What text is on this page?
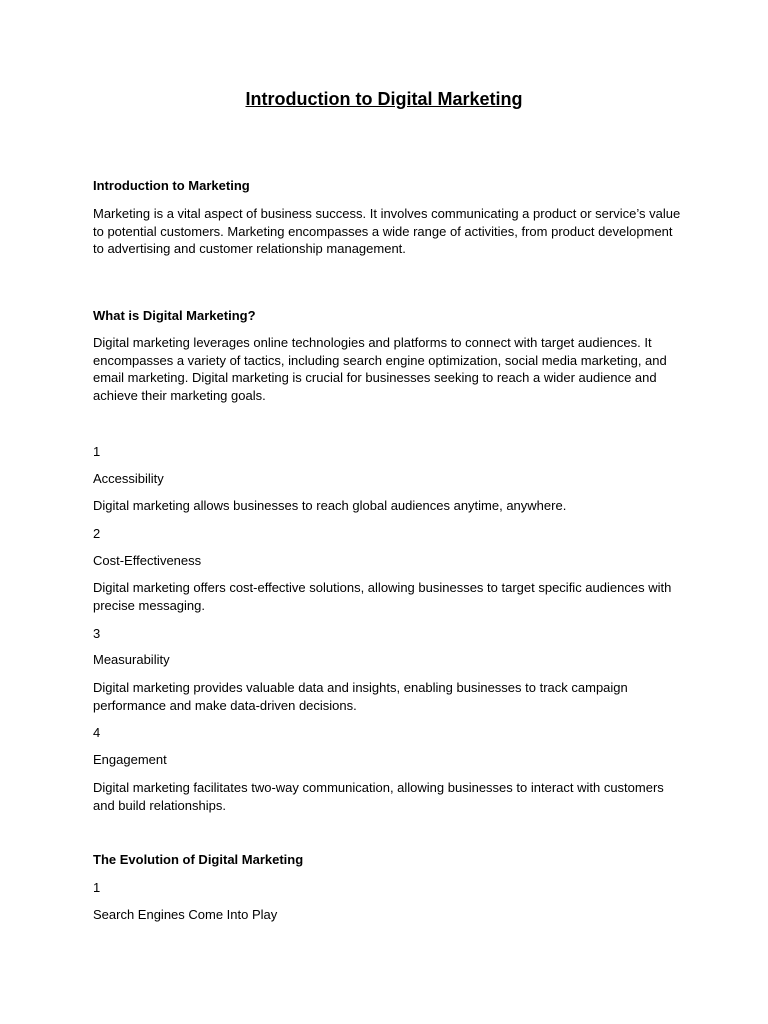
Introduction to Digital Marketing

Introduction to Marketing

Marketing is a vital aspect of business success. It involves communicating a product or service’s value to potential customers. Marketing encompasses a wide range of activities, from product development to advertising and customer relationship management.

What is Digital Marketing?

Digital marketing leverages online technologies and platforms to connect with target audiences. It encompasses a variety of tactics, including search engine optimization, social media marketing, and email marketing. Digital marketing is crucial for businesses seeking to reach a wider audience and achieve their marketing goals.

1

Accessibility

Digital marketing allows businesses to reach global audiences anytime, anywhere.

2

Cost-Effectiveness

Digital marketing offers cost-effective solutions, allowing businesses to target specific audiences with precise messaging.

3

Measurability

Digital marketing provides valuable data and insights, enabling businesses to track campaign performance and make data-driven decisions.

4

Engagement

Digital marketing facilitates two-way communication, allowing businesses to interact with customers and build relationships.

The Evolution of Digital Marketing

1

Search Engines Come Into Play
